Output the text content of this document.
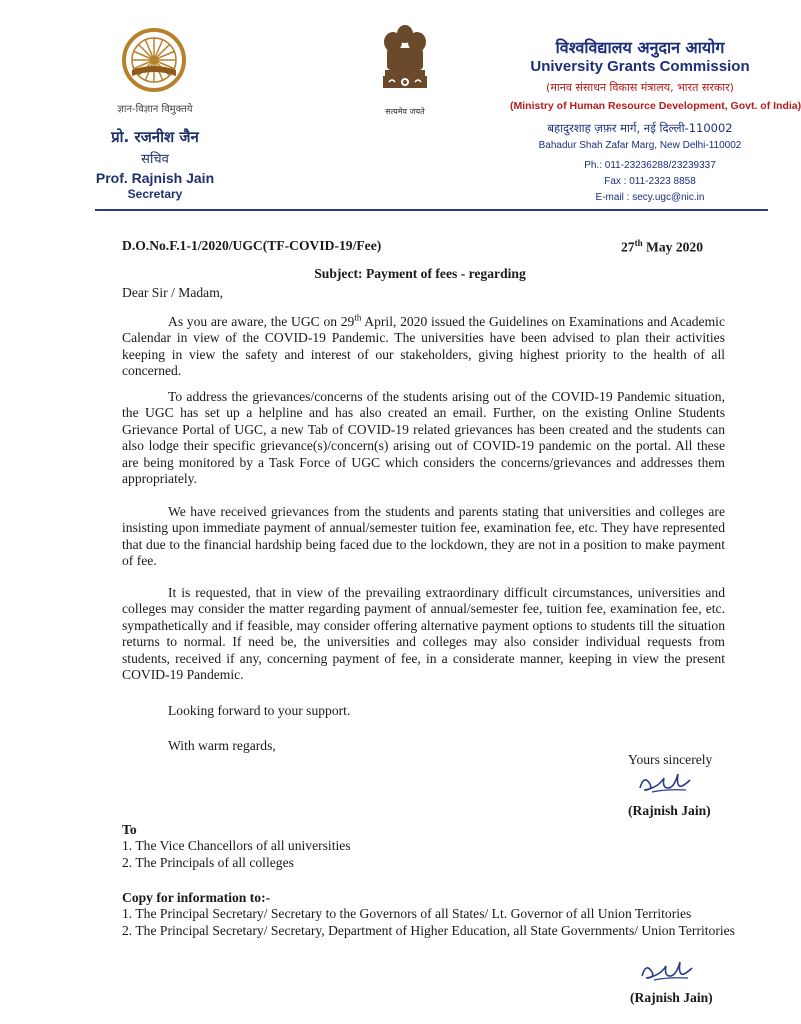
ज्ञान-विज्ञान विमुक्तये
प्रो. रजनीश जैन
सचिव
Prof. Rajnish Jain
Secretary
सत्यमेव जयते
विश्वविद्यालय अनुदान आयोग
University Grants Commission
(मानव संसाधन विकास मंत्रालय, भारत सरकार)
(Ministry of Human Resource Development, Govt. of India)
बहादुरशाह ज़फ़र मार्ग, नई दिल्ली-110002
Bahadur Shah Zafar Marg, New Delhi-110002
Ph.: 011-23236288/23239337
Fax : 011-2323 8858
E-mail : secy.ugc@nic.in
D.O.No.F.1-1/2020/UGC(TF-COVID-19/Fee)	27th May 2020
Subject: Payment of fees - regarding
Dear Sir / Madam,
As you are aware, the UGC on 29th April, 2020 issued the Guidelines on Examinations and Academic Calendar in view of the COVID-19 Pandemic. The universities have been advised to plan their activities keeping in view the safety and interest of our stakeholders, giving highest priority to the health of all concerned.
To address the grievances/concerns of the students arising out of the COVID-19 Pandemic situation, the UGC has set up a helpline and has also created an email. Further, on the existing Online Students Grievance Portal of UGC, a new Tab of COVID-19 related grievances has been created and the students can also lodge their specific grievance(s)/concern(s) arising out of COVID-19 pandemic on the portal. All these are being monitored by a Task Force of UGC which considers the concerns/grievances and addresses them appropriately.
We have received grievances from the students and parents stating that universities and colleges are insisting upon immediate payment of annual/semester tuition fee, examination fee, etc. They have represented that due to the financial hardship being faced due to the lockdown, they are not in a position to make payment of fee.
It is requested, that in view of the prevailing extraordinary difficult circumstances, universities and colleges may consider the matter regarding payment of annual/semester fee, tuition fee, examination fee, etc. sympathetically and if feasible, may consider offering alternative payment options to students till the situation returns to normal. If need be, the universities and colleges may also consider individual requests from students, received if any, concerning payment of fee, in a considerate manner, keeping in view the present COVID-19 Pandemic.
Looking forward to your support.
With warm regards,
Yours sincerely
(Rajnish Jain)
To
1. The Vice Chancellors of all universities
2. The Principals of all colleges
Copy for information to:-
1. The Principal Secretary/ Secretary to the Governors of all States/ Lt. Governor of all Union Territories
2. The Principal Secretary/ Secretary, Department of Higher Education, all State Governments/ Union Territories
(Rajnish Jain)
